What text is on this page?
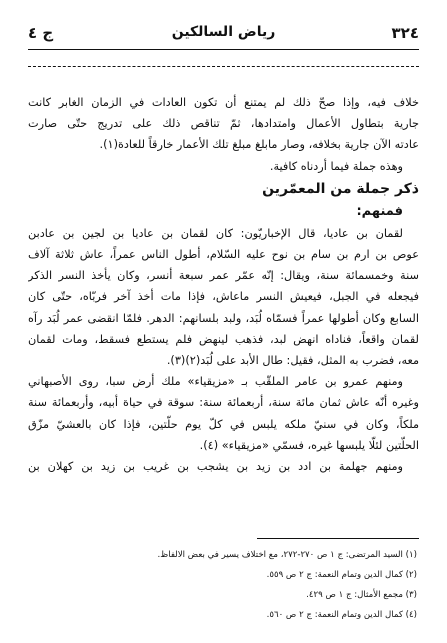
٣٢٤
رياض السالكين
ج ٤

خلاف فيه، وإذا صحّ ذلك لم يمتنع أن تكون العادات في الزمان الغابر كانت
جارية بتطاول الأعمال وامتدادها، ثمّ تناقص ذلك على تدريج حتّى صارت
عادته الآن جارية بخلافه، وصار مابلغ مبلغ تلك الأعمار خارقاً للعادة(١).

وهذه جملة فيما أردناه كافية.

ذكر جملة من المعمّرين

فمنهم:

لقمان بن عاديا، قال الإخباريّون: كان لقمان بن عاديا بن لجين بن عادبن

عوص بن ارم بن سام بن نوح عليه السّلام، أطول الناس عمراً، عاش ثلاثة آلاف
سنة وخمسمائة سنة، ويقال: إنّه عمّر عمر سبعة أنسر، وكان يأخذ النسر الذكر
فيجعله في الجبل، فيعيش النسر ماعاش، فإذا مات أخذ آخر فربّاه، حتّى كان
السابع وكان أطولها عمراً فسمّاه لُبَد، ولبد بلسانهم: الدهر. فلمّا انقضى عمر لُبَد رآه
لقمان واقعاً، فناداه انهض لبد، فذهب لينهض فلم يستطع فسقط، ومات لقمان
معه، فضرب به المثل، فقيل: طال الأبد على لُبَد(٢)(٣).

ومنهم عمرو بن عامر الملقّب بـ «مزيقياء» ملك أرض سبا، روى الأصبهاني

وغيره أنّه عاش ثمان مائة سنة، أربعمائة سنة: سوقة في حياة أبيه، وأربعمائة سنة
ملكاً، وكان في سنيّ ملكه يلبس في كلّ يوم حلّتين، فإذا كان بالعشيّ مزّق
الحلّتين لئلّا يلبسها غيره، فسمّي «مزيقياء» (٤).

ومنهم جهلمة بن ادد بن زيد بن يشجب بن غريب بن زيد بن كهلان بن

(١) السيد المرتضى: ج ١ ص ٢٧٠-٢٧٢، مع اختلاف يسير في بعض الالفاظ.
(٢) كمال الدين وتمام النعمة: ج ٢ ص ٥٥٩.
(٣) مجمع الأمثال: ج ١ ص ٤٢٩.
(٤) كمال الدين وتمام النعمة: ج ٢ ص ٥٦٠.
